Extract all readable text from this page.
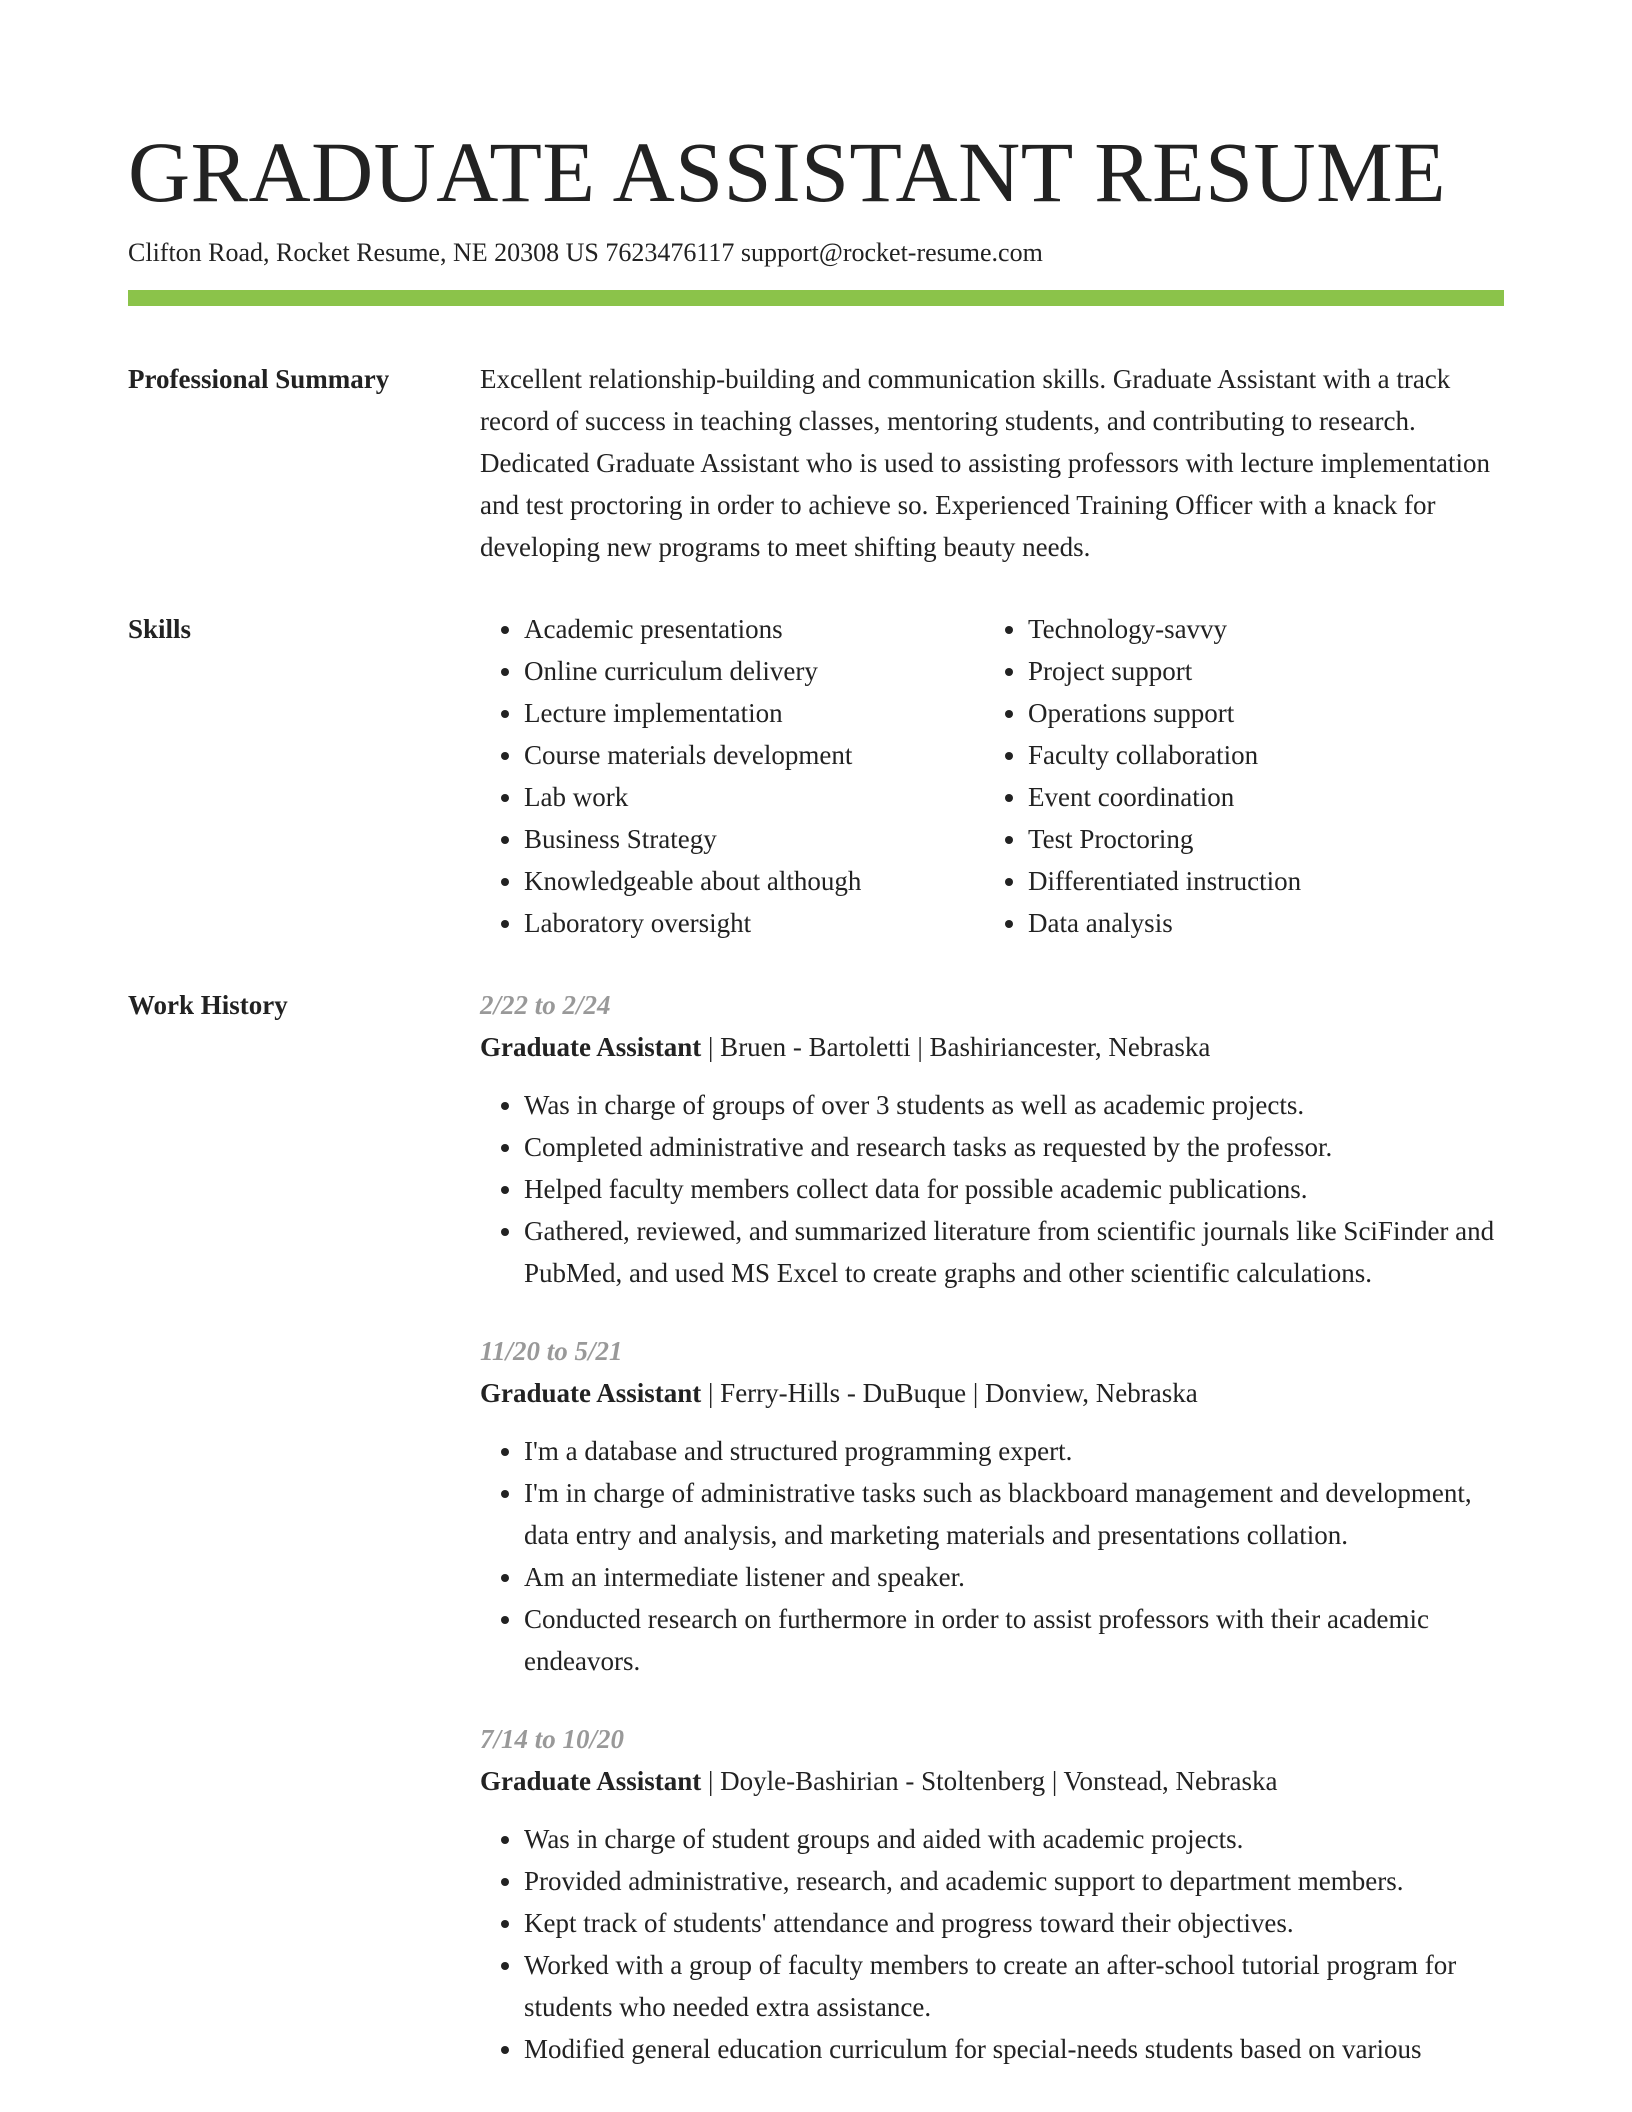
GRADUATE ASSISTANT RESUME
Clifton Road, Rocket Resume, NE 20308 US 7623476117 support@rocket-resume.com
Professional Summary	Excellent relationship-building and communication skills. Graduate Assistant with a track record of success in teaching classes, mentoring students, and contributing to research. Dedicated Graduate Assistant who is used to assisting professors with lecture implementation and test proctoring in order to achieve so. Experienced Training Officer with a knack for developing new programs to meet shifting beauty needs.

Skills
•	Academic presentations
• Online curriculum delivery
• Lecture implementation
• Course materials development
• Lab work
• Business Strategy
• Knowledgeable about although
• Laboratory oversight
• Technology-savvy
• Project support
• Operations support
• Faculty collaboration
• Event coordination
• Test Proctoring
• Differentiated instruction
• Data analysis
Work History	2/22 to 2/24
Graduate Assistant | Bruen - Bartoletti | Bashiriancester, Nebraska
• Was in charge of groups of over 3 students as well as academic projects.
• Completed administrative and research tasks as requested by the professor.
• Helped faculty members collect data for possible academic publications.
• Gathered, reviewed, and summarized literature from scientific journals like SciFinder and PubMed, and used MS Excel to create graphs and other scientific calculations.
11/20 to 5/21
Graduate Assistant | Ferry-Hills - DuBuque | Donview, Nebraska
• I'm a database and structured programming expert.
• I'm in charge of administrative tasks such as blackboard management and development, data entry and analysis, and marketing materials and presentations collation.
• Am an intermediate listener and speaker.
• Conducted research on furthermore in order to assist professors with their academic endeavors.
7/14 to 10/20
Graduate Assistant | Doyle-Bashirian - Stoltenberg | Vonstead, Nebraska
• Was in charge of student groups and aided with academic projects.
• Provided administrative, research, and academic support to department members.
• Kept track of students' attendance and progress toward their objectives.
• Worked with a group of faculty members to create an after-school tutorial program for students who needed extra assistance.
• Modified general education curriculum for special-needs students based on various
